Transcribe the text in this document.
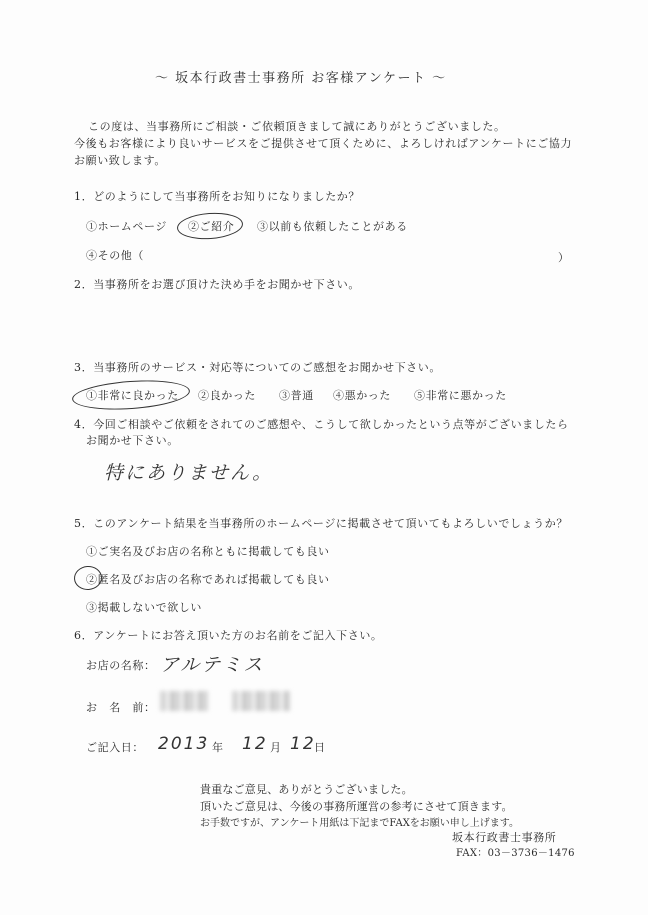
〜 坂本行政書士事務所 お客様アンケート 〜
この度は、当事務所にご相談・ご依頼頂きまして誠にありがとうございました。
今後もお客様により良いサービスをご提供させて頂くために、よろしければアンケートにご協力
お願い致します。
1．どのようにして当事務所をお知りになりましたか？
①ホームページ ②ご紹介 ③以前も依頼したことがある
④その他（	）
2．当事務所をお選び頂けた決め手をお聞かせ下さい。
3．当事務所のサービス・対応等についてのご感想をお聞かせ下さい。
①非常に良かった ②良かった ③普通 ④悪かった ⑤非常に悪かった
4．今回ご相談やご依頼をされてのご感想や、こうして欲しかったという点等がございましたら
お聞かせ下さい。
特にありません。
5．このアンケート結果を当事務所のホームページに掲載させて頂いてもよろしいでしょうか？
①ご実名及びお店の名称ともに掲載しても良い
②匿名及びお店の名称であれば掲載しても良い
③掲載しないで欲しい
6．アンケートにお答え頂いた方のお名前をご記入下さい。
お店の名称： アルテミス
お　名　前：
ご記入日： 2013 年 12 月 12
日
貴重なご意見、ありがとうございました。
頂いたご意見は、今後の事務所運営の参考にさせて頂きます。
お手数ですが、アンケート用紙は下記までFAXをお願い申し上げます。
坂本行政書士事務所
FAX：03－3736－1476
